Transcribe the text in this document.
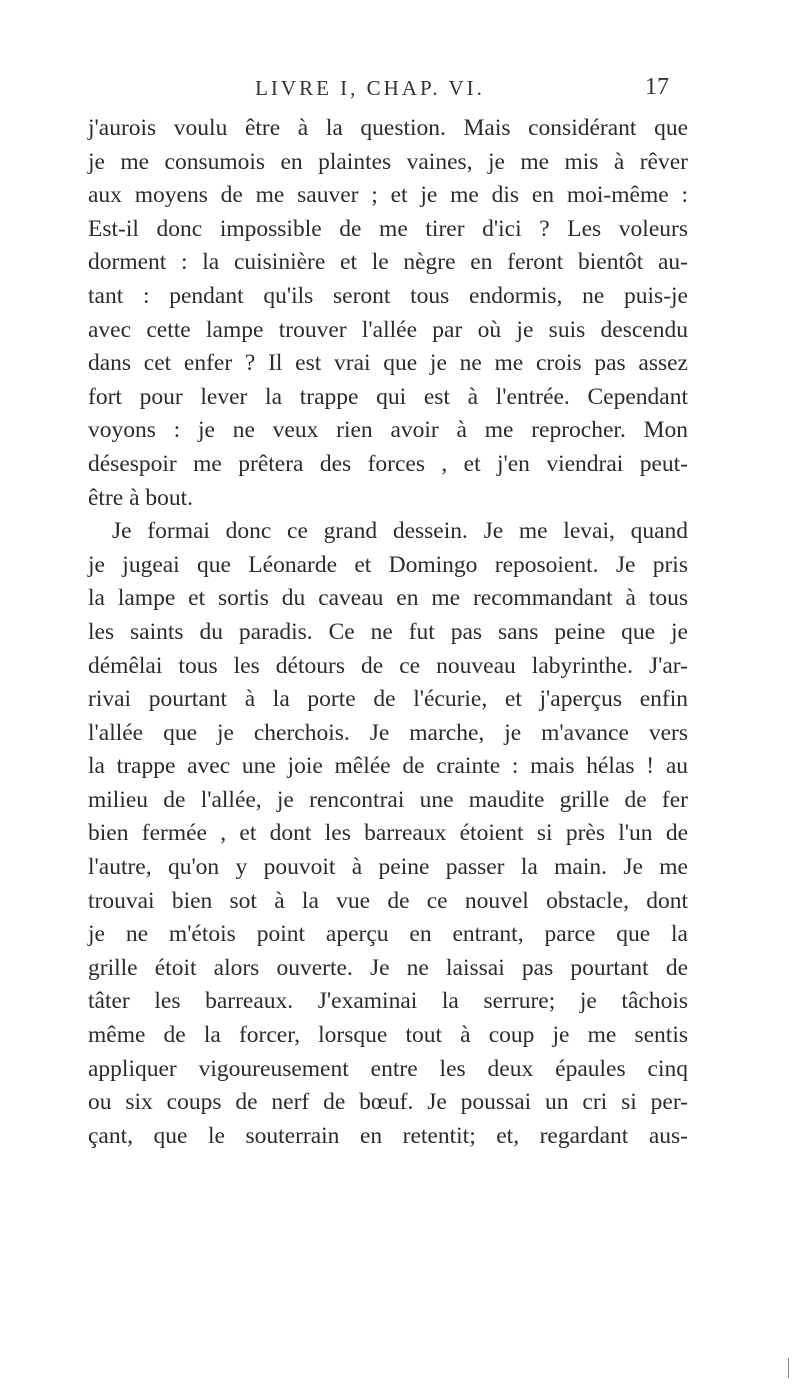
LIVRE I, CHAP. VI.	17
j'aurois voulu être à la question. Mais considérant que
je me consumois en plaintes vaines, je me mis à rêver
aux moyens de me sauver ; et je me dis en moi-même :
Est-il donc impossible de me tirer d'ici ? Les voleurs
dorment : la cuisinière et le nègre en feront bientôt au-
tant : pendant qu'ils seront tous endormis, ne puis-je
avec cette lampe trouver l'allée par où je suis descendu
dans cet enfer ? Il est vrai que je ne me crois pas assez
fort pour lever la trappe qui est à l'entrée. Cependant
voyons : je ne veux rien avoir à me reprocher. Mon
désespoir me prêtera des forces , et j'en viendrai peut-
être à bout.
Je formai donc ce grand dessein. Je me levai, quand
je jugeai que Léonarde et Domingo reposoient. Je pris
la lampe et sortis du caveau en me recommandant à tous
les saints du paradis. Ce ne fut pas sans peine que je
démêlai tous les détours de ce nouveau labyrinthe. J'ar-
rivai pourtant à la porte de l'écurie, et j'aperçus enfin
l'allée que je cherchois. Je marche, je m'avance vers
la trappe avec une joie mêlée de crainte : mais hélas ! au
milieu de l'allée, je rencontrai une maudite grille de fer
bien fermée , et dont les barreaux étoient si près l'un de
l'autre, qu'on y pouvoit à peine passer la main. Je me
trouvai bien sot à la vue de ce nouvel obstacle, dont
je ne m'étois point aperçu en entrant, parce que la
grille étoit alors ouverte. Je ne laissai pas pourtant de
tâter les barreaux. J'examinai la serrure; je tâchois
même de la forcer, lorsque tout à coup je me sentis
appliquer vigoureusement entre les deux épaules cinq
ou six coups de nerf de bœuf. Je poussai un cri si per-
çant, que le souterrain en retentit; et, regardant aus-
